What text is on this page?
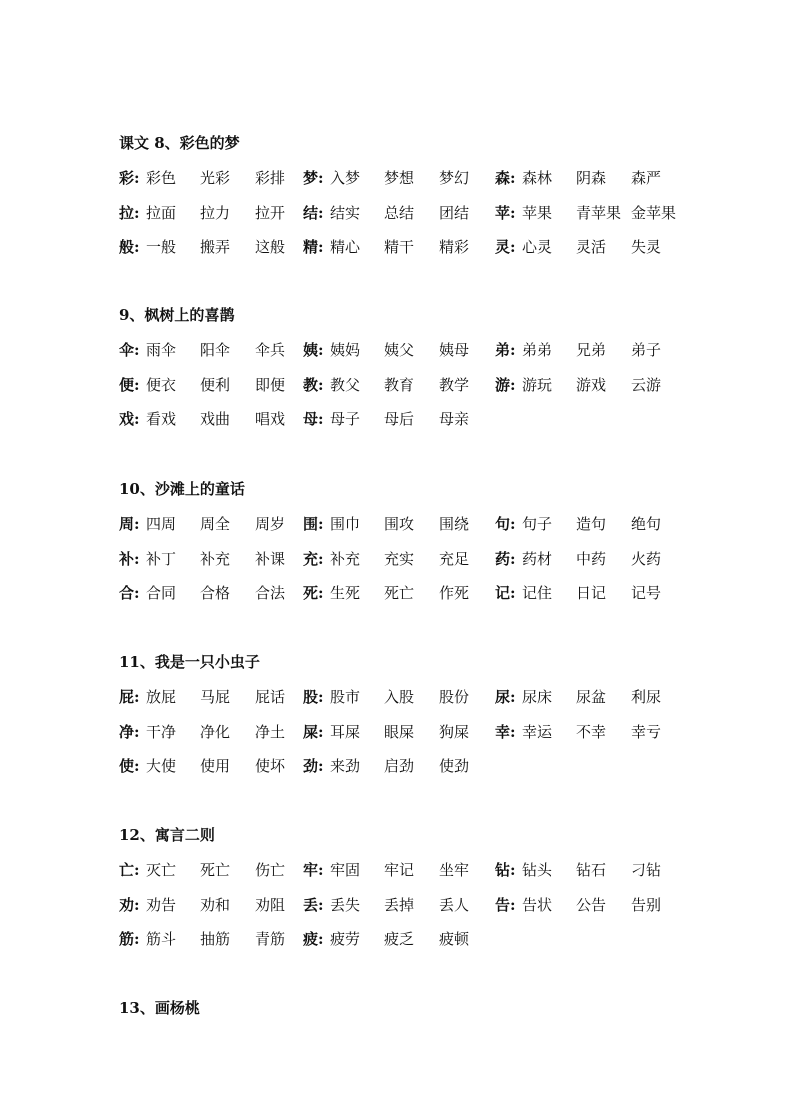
课文 8、彩色的梦
彩: 彩色 光彩 彩排 梦: 入梦 梦想 梦幻 森: 森林 阴森 森严
拉: 拉面 拉力 拉开 结: 结实 总结 团结 苹: 苹果 青苹果 金苹果
般: 一般 搬弄 这般 精: 精心 精干 精彩 灵: 心灵 灵活 失灵
9、枫树上的喜鹊
伞: 雨伞 阳伞 伞兵 姨: 姨妈 姨父 姨母 弟: 弟弟 兄弟 弟子
便: 便衣 便利 即便 教: 教父 教育 教学 游: 游玩 游戏 云游
戏: 看戏 戏曲 唱戏 母: 母子 母后 母亲
10、沙滩上的童话
周: 四周 周全 周岁 围: 围巾 围攻 围绕 句: 句子 造句 绝句
补: 补丁 补充 补课 充: 补充 充实 充足 药: 药材 中药 火药
合: 合同 合格 合法 死: 生死 死亡 作死 记: 记住 日记 记号
11、我是一只小虫子
屁: 放屁 马屁 屁话 股: 股市 入股 股份 尿: 尿床 尿盆 利尿
净: 干净 净化 净土 屎: 耳屎 眼屎 狗屎 幸: 幸运 不幸 幸亏
使: 大使 使用 使坏 劲: 来劲 启劲 使劲
12、寓言二则
亡: 灭亡 死亡 伤亡 牢: 牢固 牢记 坐牢 钻: 钻头 钻石 刁钻
劝: 劝告 劝和 劝阻 丢: 丢失 丢掉 丢人 告: 告状 公告 告别
筋: 筋斗 抽筋 青筋 疲: 疲劳 疲乏 疲顿
13、画杨桃
